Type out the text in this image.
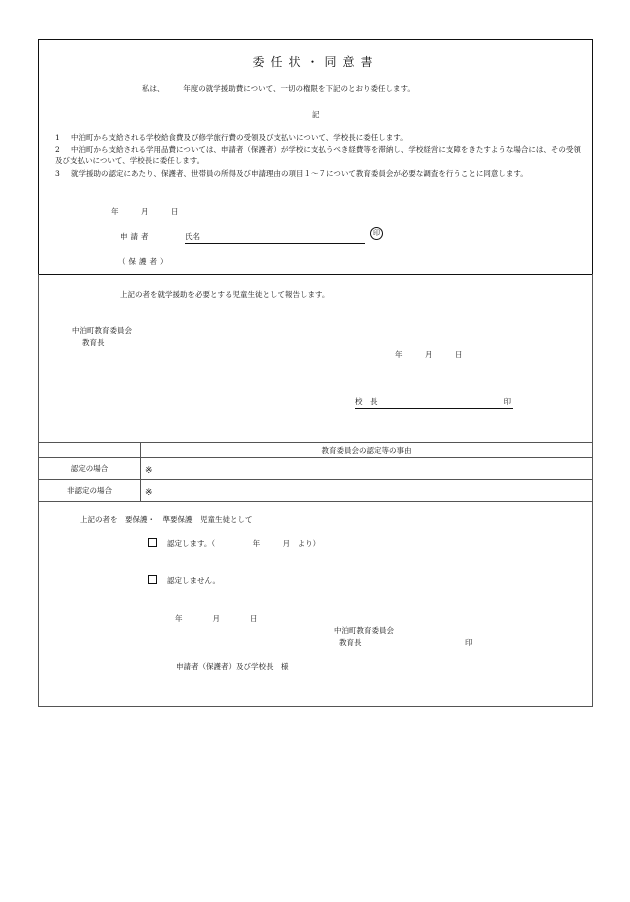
委任状・同意書
私は、　　　年度の就学援助費について、一切の権限を下記のとおり委任します。
記
1 中泊町から支給される学校給食費及び修学旅行費の受領及び支払いについて、学校長に委任します。
2 中泊町から支給される学用品費については、申請者（保護者）が学校に支払うべき経費等を滞納し、学校経営に支障をきたすような場合には、その受領及び支払いについて、学校長に委任します。
3 就学援助の認定にあたり、保護者、世帯員の所得及び申請理由の項目１～７について教育委員会が必要な調査を行うことに同意します。
年　　　月　　　日
申請者	氏名	印
（保護者）
上記の者を就学援助を必要とする児童生徒として報告します。
中泊町教育委員会
教育長
年　　　月　　　日
校　長	印
	教育委員会の認定等の事由
認定の場合	※
非認定の場合	※
上記の者を　要保護・　準要保護　児童生徒として
認定します。（　　　　　年　　　月　より）
認定しません。
年　　　　月　　　　日
中泊町教育委員会
教育長	印
申請者（保護者）及び学校長　様
